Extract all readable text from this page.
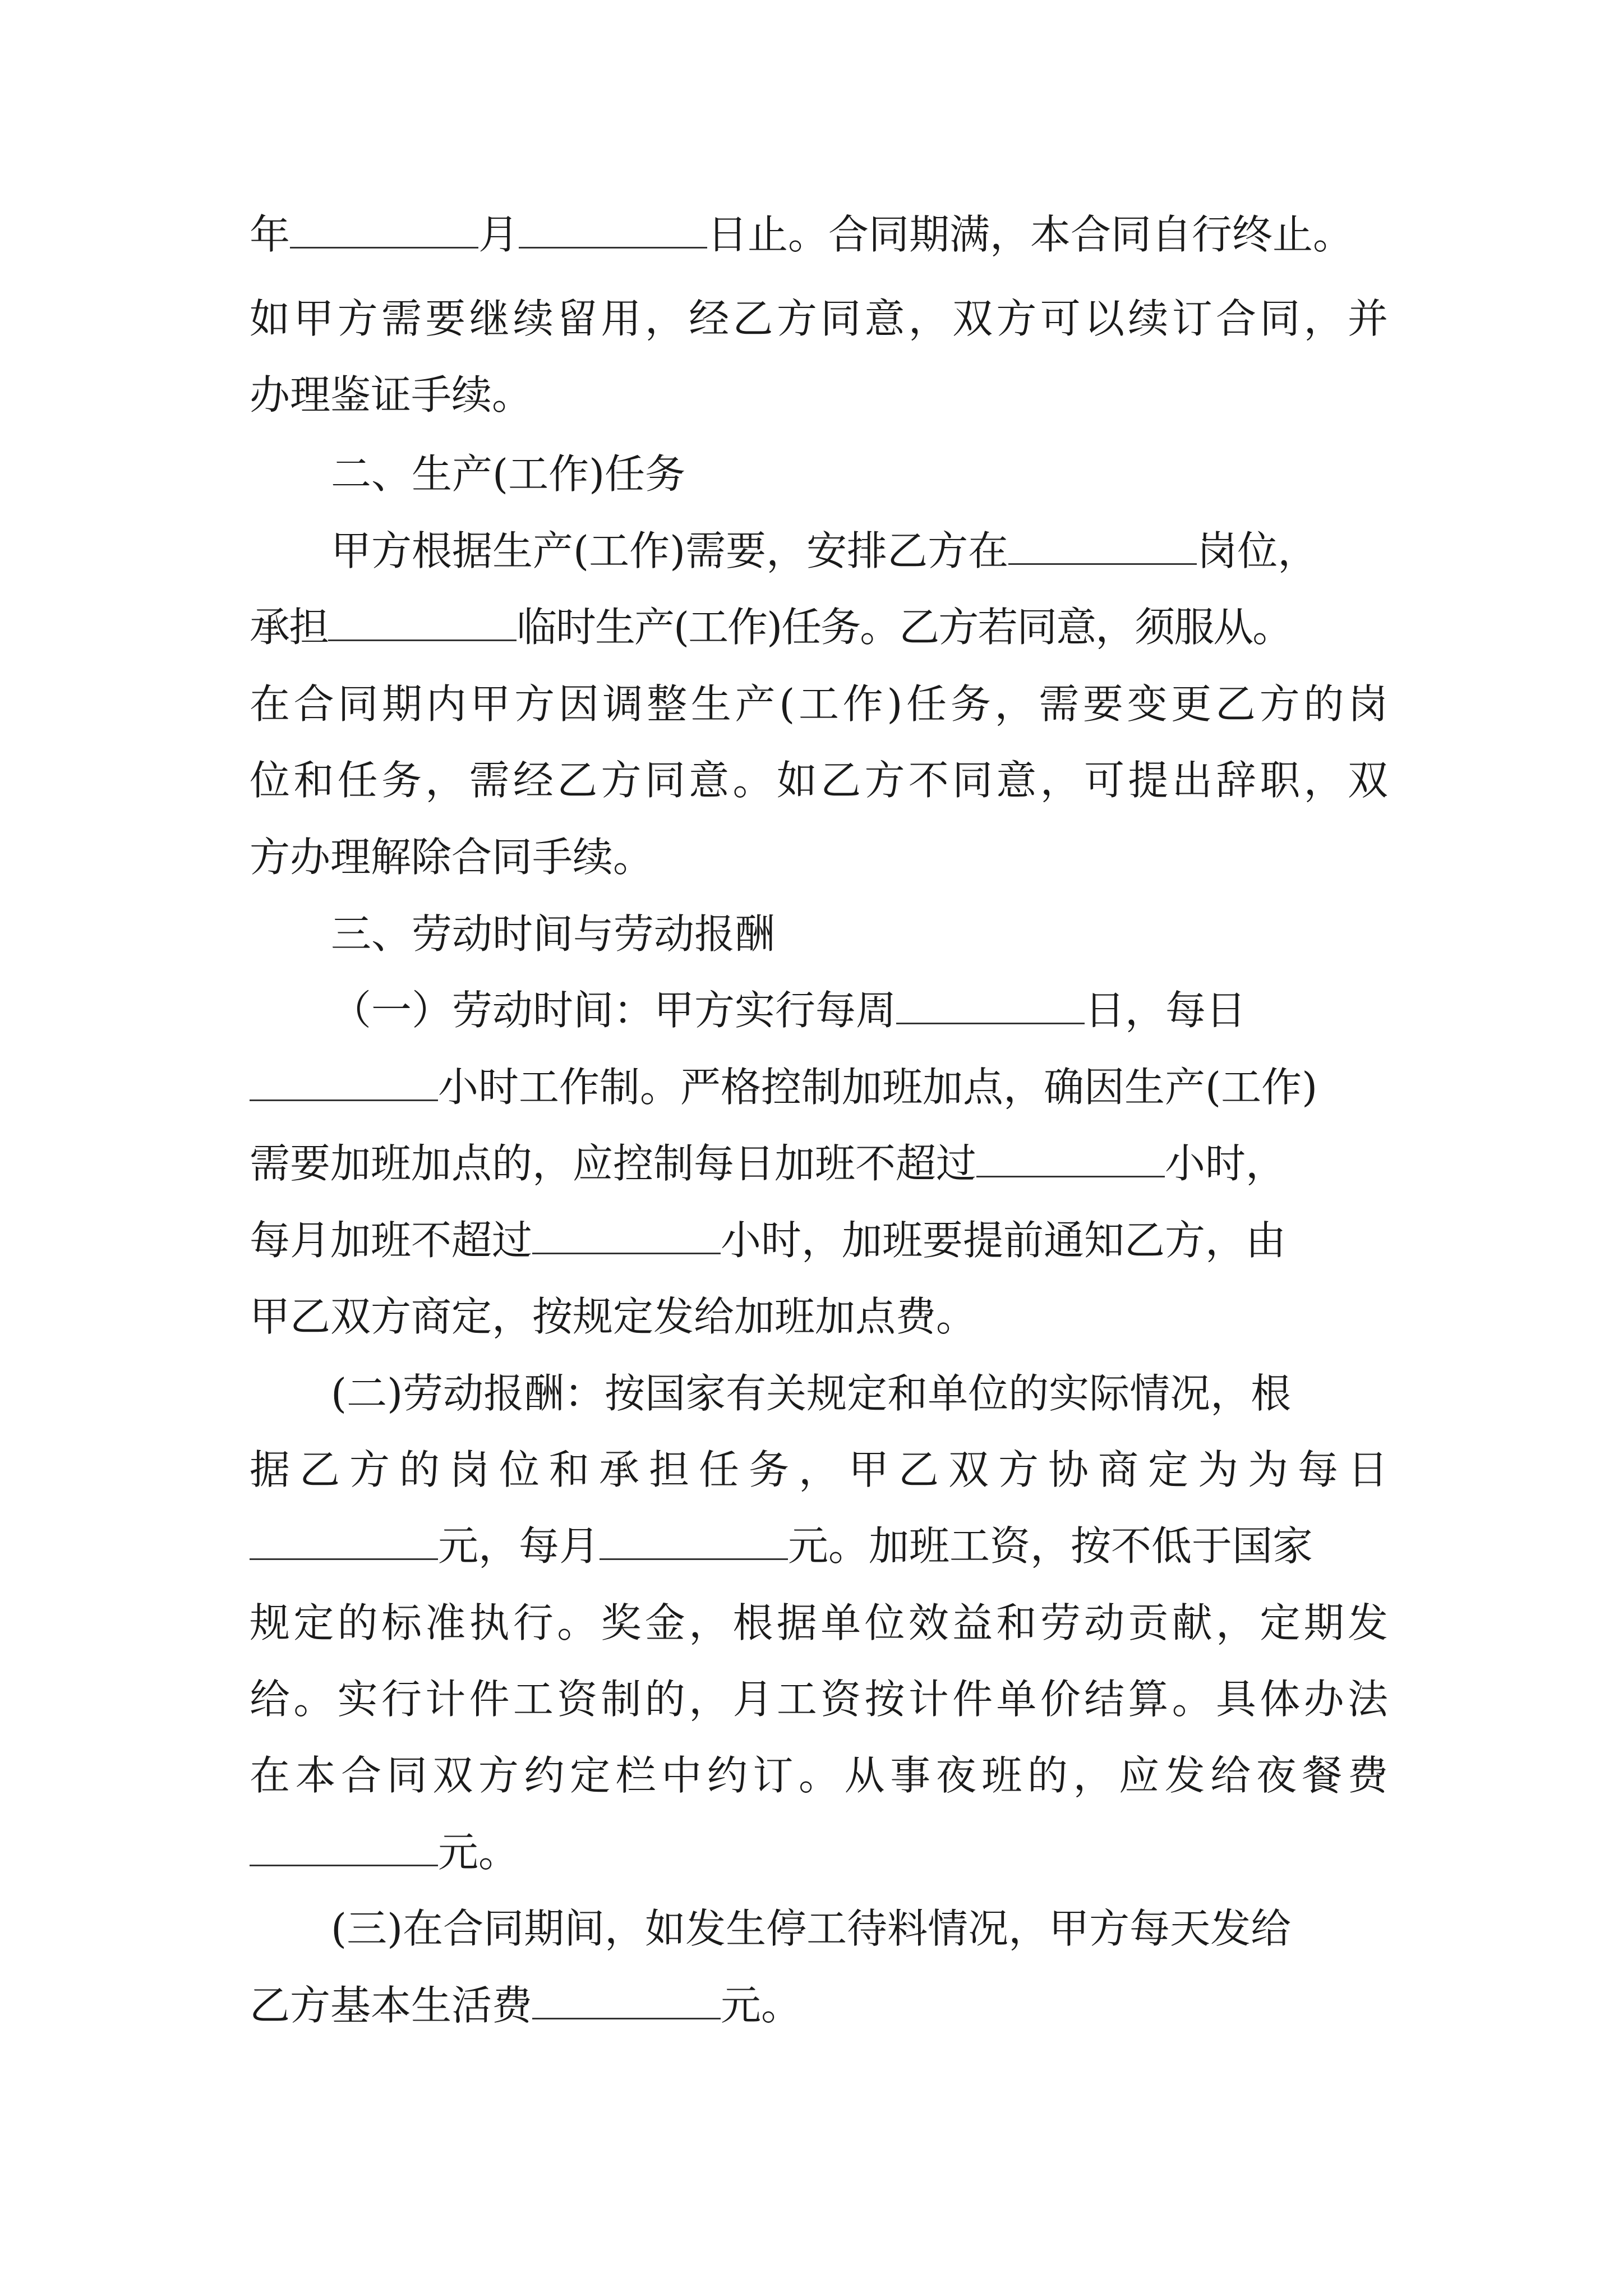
年	月	日止。合同期满，本合同自行终止。
如甲方需要继续留用，经乙方同意，双方可以续订合同，并
办理鉴证手续。
二、生产(工作)任务
甲方根据生产(工作)需要，安排乙方在	岗位，
承担	临时生产(工作)任务。乙方若同意，须服从。
在合同期内甲方因调整生产(工作)任务，需要变更乙方的岗
位和任务，需经乙方同意。如乙方不同意，可提出辞职，双
方办理解除合同手续。
三、劳动时间与劳动报酬
（一）劳动时间：甲方实行每周	日，每日
小时工作制。严格控制加班加点，确因生产(工作)
需要加班加点的，应控制每日加班不超过	小时，
每月加班不超过	小时，加班要提前通知乙方，由
甲乙双方商定，按规定发给加班加点费。
(二)劳动报酬：按国家有关规定和单位的实际情况，根
据乙方的岗位和承担任务，甲乙双方协商定为为每日
元，每月	元。加班工资，按不低于国家
规定的标准执行。奖金，根据单位效益和劳动贡献，定期发
给。实行计件工资制的，月工资按计件单价结算。具体办法
在本合同双方约定栏中约订。从事夜班的，应发给夜餐费
元。
(三)在合同期间，如发生停工待料情况，甲方每天发给
乙方基本生活费	元。
